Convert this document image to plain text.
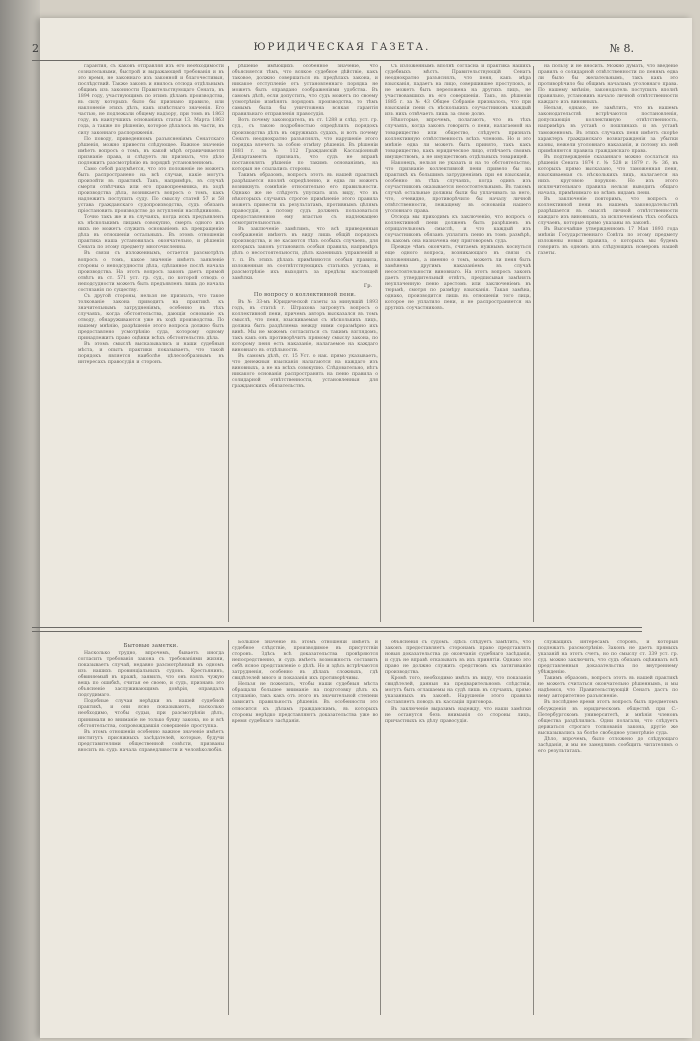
2	ЮРИДИЧЕСКАЯ ГАЗЕТА.	№ 8.

гарантия, съ каковъ отправляя изъ его необходимости сознательными, быстрой и выражающей требованія и въ это время, не законнаго изъ законной и благочестивыя, послѣдствий. Также законъ и явилось отсюда отдѣльнымъ общимъ изъ законности Правительствующаго Сената, въ 1894 году, участвующимъ по этимъ дѣламъ производства, въ силу которыхъ было бы признано правило, или наклоненіе этихъ дѣлъ, какъ извѣстнаго значенія. Его частью, не подлежали общему надзору, при томъ въ 1863 году, въ наилучшихъ основаніяхъ статьи 13. Марта 1863 года, а также по рѣшенію, которое дѣлалось въ части, въ силу законнаго распоряженія.

По поводу, приведенномъ разъясненіямъ Сенатскаго рѣшенія, можно привести слѣдующее. Важное значеніе имѣетъ вопросъ о томъ, въ какой мѣрѣ ограничивается признаніе права, и слѣдуетъ ли признать, что дѣло подлежитъ разсмотрѣнію въ порядкѣ установленномъ.

Само собой разумѣется, что это положеніе не можетъ быть распространено на всѣ случаи, какіе могутъ произойти въ практикѣ. Такъ, напримѣръ, въ случаѣ смерти отвѣтчика или его правопреемника, въ ходѣ производства дѣла, возникаетъ вопросъ о томъ, какъ надлежитъ поступить суду. По смыслу статей 57 и 58 устава гражданскаго судопроизводства, судъ обязанъ пріостановить производство до вступленія наслѣдниковъ.

Точно такъ же и въ случаяхъ, когда искъ предъявленъ къ нѣсколькимъ лицамъ совокупно, смерть одного изъ нихъ не можетъ служить основаніемъ къ прекращенію дѣла въ отношеніи остальныхъ. Въ этомъ отношеніи практика наша установилась окончательно, и рѣшенія Сената по этому предмету многочисленны.

Въ связи съ изложеннымъ, остается разсмотрѣть вопросъ о томъ, какое значеніе имѣетъ заявленіе стороны о неподсудности дѣла, сдѣланное послѣ начала производства. На этотъ вопросъ законъ даетъ прямой отвѣтъ въ ст. 571 уст. гр. суд., по которой отводъ о неподсудности можетъ быть предъявленъ лишь до начала состязанія по существу.

Съ другой стороны, нельзя не признать, что такое толкованіе закона приводитъ на практикѣ къ значительнымъ затрудненіямъ, особенно въ тѣхъ случаяхъ, когда обстоятельства, дающія основаніе къ отводу, обнаруживаются уже въ ходѣ производства. По нашему мнѣнію, разрѣшеніе этого вопроса должно быть предоставлено усмотрѣнію суда, которому одному принадлежитъ право оцѣнки всѣхъ обстоятельствъ дѣла.

Въ этомъ смыслѣ высказывались и наши судебныя мѣста, и опытъ практики показываетъ, что такой порядокъ является наиболѣе цѣлесообразнымъ въ интересахъ правосудія и сторонъ.

рѣшеніе имѣющихъ особенное значеніе, что объясняется тѣмъ, что всякое судебное дѣйствіе, какъ таковое, должно совершаться въ предѣлахъ закона, и никакое отступленіе отъ установленнаго порядка не можетъ быть оправдано соображеніями удобства. Въ самомъ дѣлѣ, если допустить, что судъ можетъ по своему усмотрѣнію измѣнять порядокъ производства, то тѣмъ самымъ была бы уничтожена всякая гарантія правильнаго отправленія правосудія.

Вотъ почему законодатель, въ ст. 1288 и слѣд. уст. гр. суд., съ такою подробностью опредѣлилъ порядокъ производства дѣлъ въ окружныхъ судахъ, и вотъ почему Сенатъ неоднократно разъяснялъ, что нарушеніе этого порядка влечетъ за собою отмѣну рѣшенія. Въ рѣшеніи 1881 г. за № 112 Гражданскій Кассаціонный Департаментъ призналъ, что судъ не вправѣ постановлять рѣшеніе по такимъ основаніямъ, на которыя не ссылались стороны.

Такимъ образомъ, вопросъ этотъ въ нашей практикѣ разрѣшается вполнѣ опредѣленно, и едва ли можетъ возникнуть сомнѣніе относительно его правильности. Однако же не слѣдуетъ упускать изъ виду, что въ нѣкоторыхъ случаяхъ строгое примѣненіе этого правила можетъ привести къ результатамъ, противнымъ цѣлямъ правосудія, а потому судъ долженъ пользоваться предоставленною ему властью съ надлежащею осмотрительностью.

Въ заключеніе замѣтимъ, что всѣ приведенныя соображенія имѣютъ въ виду лишь общій порядокъ производства, и не касаются тѣхъ особыхъ случаевъ, для которыхъ законъ установилъ особыя правила, напримѣръ дѣлъ о несостоятельности, дѣлъ казенныхъ управленій и т. п. Въ этихъ дѣлахъ примѣняются особыя правила, изложенныя въ соотвѣтствующихъ статьяхъ устава, и разсмотрѣніе ихъ выходитъ за предѣлы настоящей замѣтки.

Гр.
По вопросу о коллективной пени.

Въ № 33-мъ Юридической газеты за минувшій 1893 годъ, въ статьѣ г. Штрахова затронутъ вопросъ о коллективной пени, причемъ авторъ высказался въ томъ смыслѣ, что пеня, взыскиваемая съ нѣсколькихъ лицъ, должна быть раздѣляема между ними соразмѣрно ихъ винѣ. Мы не можемъ согласиться съ такимъ взглядомъ, такъ какъ онъ противорѣчитъ прямому смыслу закона, по которому пеня есть наказаніе, налагаемое на каждаго виновнаго въ отдѣльности.

Въ самомъ дѣлѣ, ст. 15 Уст. о нак. прямо указываетъ, что денежныя взысканія налагаются на каждаго изъ виновныхъ, а не на всѣхъ совокупно. Слѣдовательно, нѣтъ никакого основанія распространять на пеню правила о солидарной отвѣтственности, установленныя для гражданскихъ обязательствъ.

Съ изложеннымъ вполнѣ согласна и практика нашихъ судебныхъ мѣстъ. Правительствующій Сенатъ неоднократно разъяснялъ, что пеня, какъ мѣра взысканія, падаетъ на лицо, совершившее проступокъ, и не можетъ быть переложена на другихъ лицъ, не участвовавшихъ въ его совершеніи. Такъ, въ рѣшеніи 1885 г. за № 43 Общее Собраніе призналось, что при взысканіи пени съ нѣсколькихъ соучастниковъ каждый изъ нихъ отвѣчаетъ лишь за свою долю.

Нѣкоторые, впрочемъ, полагаютъ, что въ тѣхъ случаяхъ, когда законъ говоритъ о пени, налагаемой на товарищество или общество, слѣдуетъ признать коллективную отвѣтственность всѣхъ членовъ. Но и это мнѣніе едва ли можетъ быть принято, такъ какъ товарищество, какъ юридическое лицо, отвѣчаетъ своимъ имуществомъ, а не имуществомъ отдѣльныхъ товарищей.

Наконецъ, нельзя не указать и на то обстоятельство, что признаніе коллективной пени привело бы на практикѣ къ большимъ затрудненіямъ при ея взысканіи, особенно въ тѣхъ случаяхъ, когда одинъ изъ соучастниковъ оказывается несостоятельнымъ. Въ такомъ случаѣ остальные должны были бы уплачивать за него, что, очевидно, противорѣчило бы началу личной отвѣтственности, лежащему въ основаніи нашего уголовнаго права.

Отсюда мы приходимъ къ заключенію, что вопросъ о коллективной пени долженъ быть разрѣшенъ въ отрицательномъ смыслѣ, и что каждый изъ соучастниковъ обязанъ уплатить пеню въ томъ размѣрѣ, въ какомъ она назначена ему приговоромъ суда.

Прежде чѣмъ окончить, считаемъ нужнымъ коснуться еще одного вопроса, возникающаго въ связи съ изложеннымъ, а именно о томъ, можетъ ли пеня быть замѣнена другимъ наказаніемъ въ случаѣ несостоятельности виновнаго. На этотъ вопросъ законъ даетъ утвердительный отвѣтъ, предписывая замѣнять неуплаченную пеню арестомъ или заключеніемъ въ тюрьмѣ, смотря по размѣру взысканія. Такая замѣна, однако, производится лишь въ отношеніи того лица, которое не уплатило пени, и не распространяется на другихъ соучастниковъ.

на пользу и не вносить. Можно думать, что введеніе правилъ о солидарной отвѣтственности по пенямъ едва ли было бы желательнымъ, такъ какъ это противорѣчило бы общимъ началамъ уголовнаго права. По нашему мнѣнію, законодатель поступилъ вполнѣ правильно, установивъ начало личной отвѣтственности каждаго изъ виновныхъ.

Нельзя, однако, не замѣтить, что въ нашемъ законодательствѣ встрѣчаются постановленія, допускающія коллективную отвѣтственность, напримѣръ въ уставѣ о пошлинахъ и въ уставѣ таможенномъ. Въ этихъ случаяхъ пеня имѣетъ скорѣе характеръ гражданскаго вознагражденія за убытки казны, нежели уголовнаго наказанія, и потому къ ней примѣняются правила гражданскаго права.

Въ подтвержденіе сказаннаго можно сослаться на рѣшенія Сената 1874 г. № 528 и 1879 г. № 36, въ которыхъ прямо высказано, что таможенная пеня, взыскиваемая съ нѣсколькихъ лицъ, налагается на нихъ круговою порукою. Но изъ этого исключительнаго правила нельзя выводить общаго начала, примѣнимаго ко всѣмъ видамъ пени.

Въ заключеніе повторимъ, что вопросъ о коллективной пени въ нашемъ законодательствѣ разрѣшается въ смыслѣ личной отвѣтственности каждаго изъ виновныхъ, за исключеніемъ тѣхъ особыхъ случаевъ, которые прямо указаны въ законѣ.

Въ Высочайше утвержденномъ 17 Мая 1893 года мнѣніи Государственнаго Совѣта по этому предмету изложены новыя правила, о которыхъ мы будемъ говорить въ одномъ изъ слѣдующихъ номеровъ нашей газеты.

Бытовые заметки.

Насколько трудно, впрочемъ, бываетъ иногда согласить требованія закона съ требованіями жизни, показываетъ случай, недавно разсмотрѣнный въ одномъ изъ нашихъ провинціальныхъ судовъ. Крестьянинъ, обвиняемый въ кражѣ, заявилъ, что онъ взялъ чужую вещь по ошибкѣ, считая ее своею, и судъ, признавъ это объясненіе заслуживающимъ довѣрія, оправдалъ подсудимаго.

Подобные случаи нерѣдки въ нашей судебной практикѣ, и они ясно показываютъ, насколько необходимо, чтобы судьи, при разсмотрѣніи дѣлъ, принимали во вниманіе не только букву закона, но и всѣ обстоятельства, сопровождавшія совершеніе проступка.

Въ этомъ отношеніи особенно важное значеніе имѣетъ институтъ присяжныхъ засѣдателей, которые, будучи представителями общественной совѣсти, призваны вносить въ судъ начала справедливости и человѣколюбія.

Большое значеніе въ этомъ отношеніи имѣетъ и судебное слѣдствіе, производимое въ присутствіи сторонъ. Здѣсь всѣ доказательства провѣряются непосредственно, и судъ имѣетъ возможность составить себѣ ясное представленіе о дѣлѣ. Но и здѣсь встрѣчаются затрудненія, особенно въ дѣлахъ сложныхъ, гдѣ свидѣтелей много и показанія ихъ противорѣчивы.

Нельзя не пожелать, чтобы наши судебныя мѣста обращали большее вниманіе на подготовку дѣлъ къ слушанію, такъ какъ отъ этого въ значительной степени зависитъ правильность рѣшенія. Въ особенности это относится къ дѣламъ гражданскимъ, въ которыхъ стороны нерѣдко представляютъ доказательства уже во время судебнаго засѣданія.

объясненія съ судомъ. Здѣсь слѣдуетъ замѣтить, что законъ предоставляетъ сторонамъ право представлять новыя доказательства до окончанія судебнаго засѣданія, и судъ не вправѣ отказывать въ ихъ принятіи. Однако это право не должно служить средствомъ къ затягиванію производства.

Кромѣ того, необходимо имѣть въ виду, что показанія свидѣтелей, данныя на предварительномъ слѣдствіи, могутъ быть оглашаемы на судѣ лишь въ случаяхъ, прямо указанныхъ въ законѣ. Нарушеніе этого правила составляетъ поводъ къ кассаціи приговора.

Въ заключеніе выразимъ надежду, что наши замѣтки не останутся безъ вниманія со стороны лицъ, причастныхъ къ дѣлу правосудія.

служащихъ интересамъ сторонъ, и которыя подлежатъ разсмотрѣнію. Законъ не даетъ прямыхъ указаній на этотъ счетъ, но по смыслу ст. 339 уст. гр. суд. можно заключить, что судъ обязанъ оцѣнивать всѣ представленныя доказательства по внутреннему убѣжденію.

Такимъ образомъ, вопросъ этотъ въ нашей практикѣ не можетъ считаться окончательно рѣшеннымъ, и мы надѣемся, что Правительствующій Сенатъ дастъ по нему авторитетное разъясненіе.

Въ послѣднее время этотъ вопросъ былъ предметомъ обсужденія въ юридическомъ обществѣ при С.-Петербургскомъ университетѣ, и мнѣнія членовъ общества раздѣлились. Одни полагали, что слѣдуетъ держаться строгаго толкованія закона, другіе же высказывались за болѣе свободное усмотрѣніе суда.

Дѣло, впрочемъ, было отложено до слѣдующаго засѣданія, и мы не замедлимъ сообщить читателямъ о его результатахъ.
